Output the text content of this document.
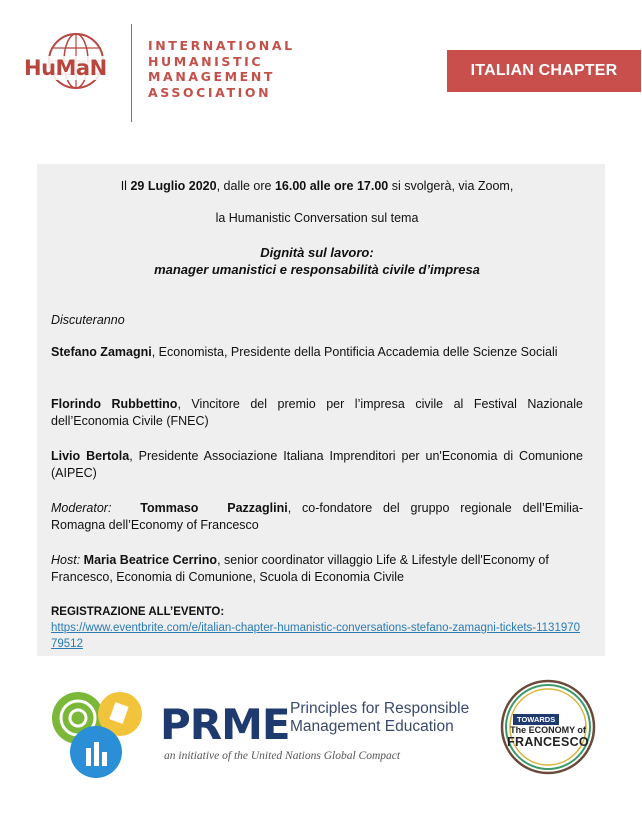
HuMaN
INTERNATIONAL
HUMANISTIC
MANAGEMENT
ASSOCIATION
ITALIAN CHAPTER
Il 29 Luglio 2020, dalle ore 16.00 alle ore 17.00 si svolgerà, via Zoom,
la Humanistic Conversation sul tema
Dignità sul lavoro:
manager umanistici e responsabilità civile d’impresa
Discuteranno
Stefano Zamagni, Economista, Presidente della Pontificia Accademia delle Scienze Sociali
Florindo Rubbettino, Vincitore del premio per l’impresa civile al Festival Nazionale dell’Economia Civile (FNEC)
Livio Bertola, Presidente Associazione Italiana Imprenditori per un'Economia di Comunione (AIPEC)
Moderator: Tommaso Pazzaglini, co-fondatore del gruppo regionale dell’Emilia-Romagna dell’Economy of Francesco
Host: Maria Beatrice Cerrino, senior coordinator villaggio Life & Lifestyle dell'Economy of Francesco, Economia di Comunione, Scuola di Economia Civile
REGISTRAZIONE ALL’EVENTO:
https://www.eventbrite.com/e/italian-chapter-humanistic-conversations-stefano-zamagni-tickets-113197079512
PRME Principles for Responsible
Management Education
an initiative of the United Nations Global Compact
TOWARDS
The ECONOMY of
FRANCESCO
